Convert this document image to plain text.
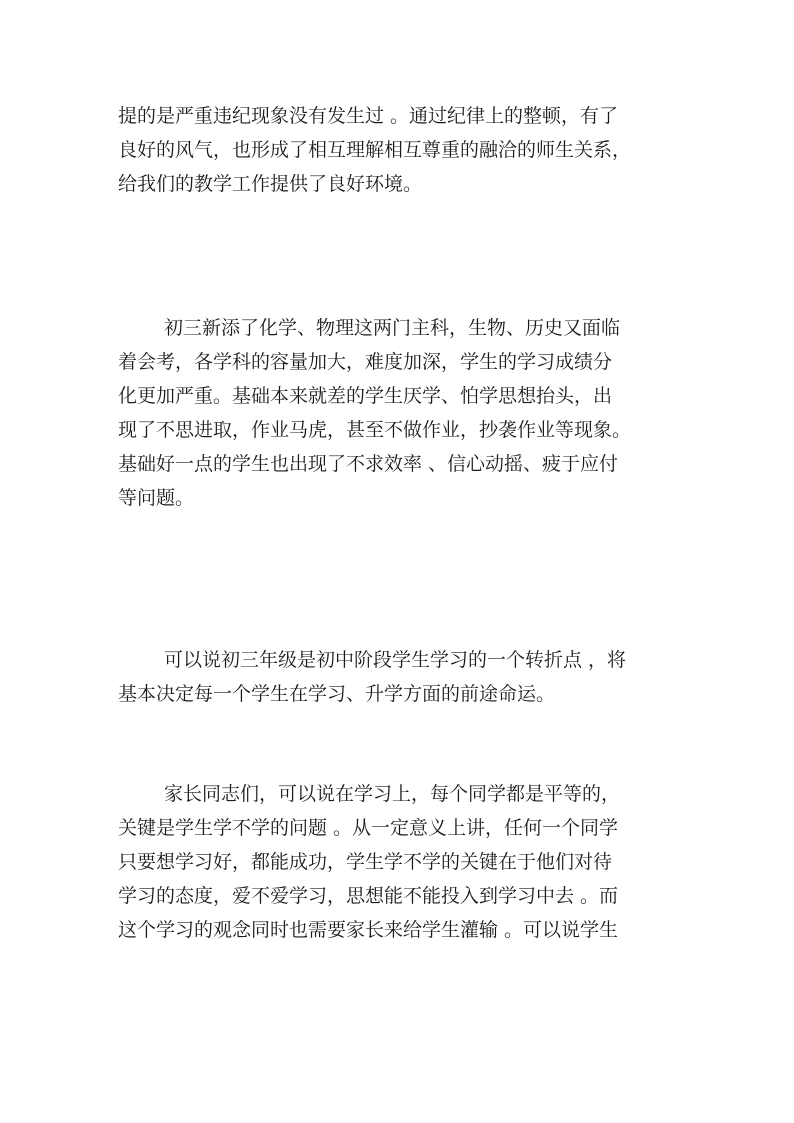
提的是严重违纪现象没有发生过 。通过纪律上的整顿，有了
良好的风气，也形成了相互理解相互尊重的融洽的师生关系，
给我们的教学工作提供了良好环境。
初三新添了化学、物理这两门主科，生物、历史又面临
着会考，各学科的容量加大，难度加深，学生的学习成绩分
化更加严重。基础本来就差的学生厌学、怕学思想抬头，出
现了不思进取，作业马虎，甚至不做作业，抄袭作业等现象。
基础好一点的学生也出现了不求效率 、信心动摇、疲于应付
等问题。
可以说初三年级是初中阶段学生学习的一个转折点 ，将
基本决定每一个学生在学习、升学方面的前途命运。
家长同志们，可以说在学习上，每个同学都是平等的，
关键是学生学不学的问题 。从一定意义上讲，任何一个同学
只要想学习好，都能成功，学生学不学的关键在于他们对待
学习的态度，爱不爱学习，思想能不能投入到学习中去 。而
这个学习的观念同时也需要家长来给学生灌输 。可以说学生
